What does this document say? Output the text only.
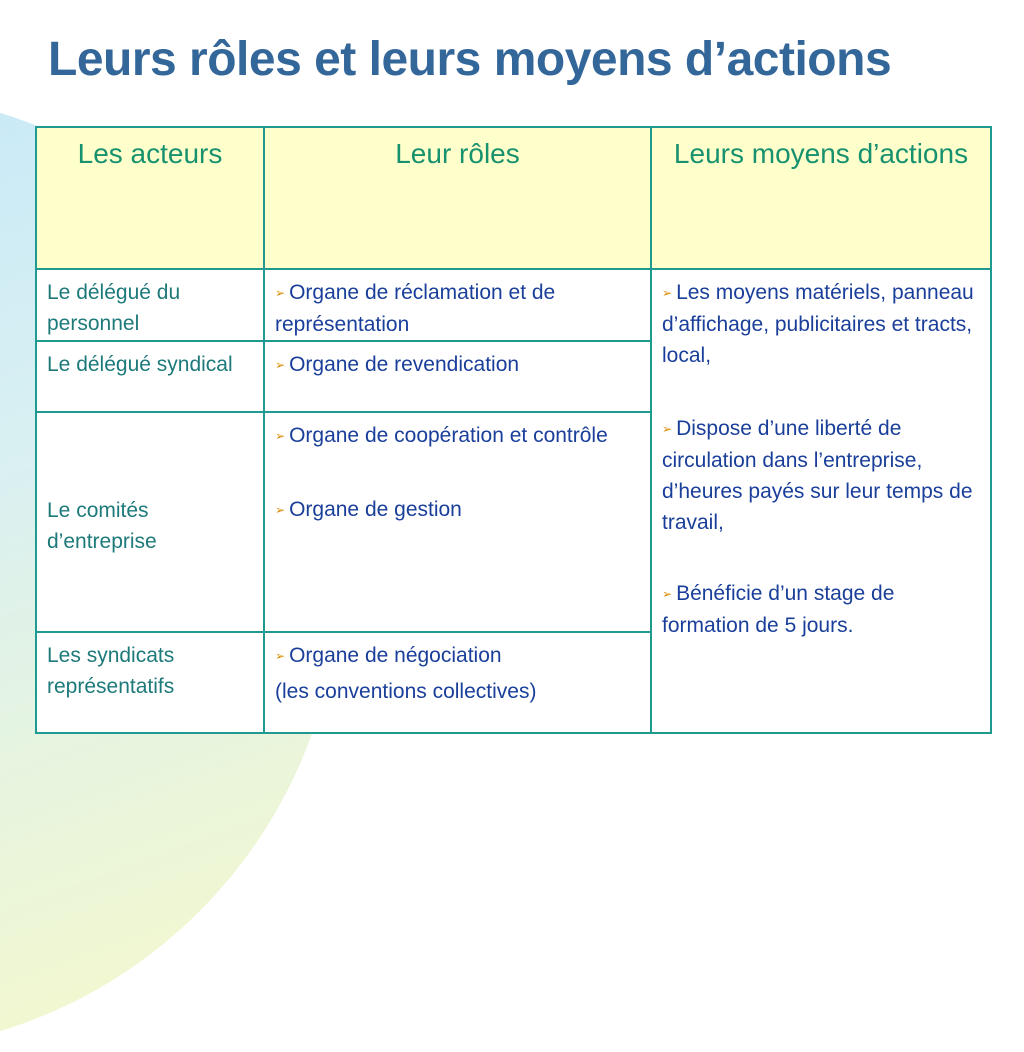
Leurs rôles et leurs moyens d’actions
Les acteurs	Leur rôles	Leurs moyens d’actions
Le délégué du personnel	➢ Organe de réclamation et de représentation	➢ Les moyens matériels, panneau d’affichage, publicitaires et tracts, local,
➢ Dispose d’une liberté de circulation dans l’entreprise, d’heures payés sur leur temps de travail,
➢ Bénéficie d’un stage de formation de 5 jours.

Le délégué syndical	➢ Organe de revendication	

Le comités d’entreprise	➢ Organe de coopération et contrôle
➢ Organe de gestion	

Les syndicats représentatifs	➢ Organe de négociation
(les conventions collectives)	
